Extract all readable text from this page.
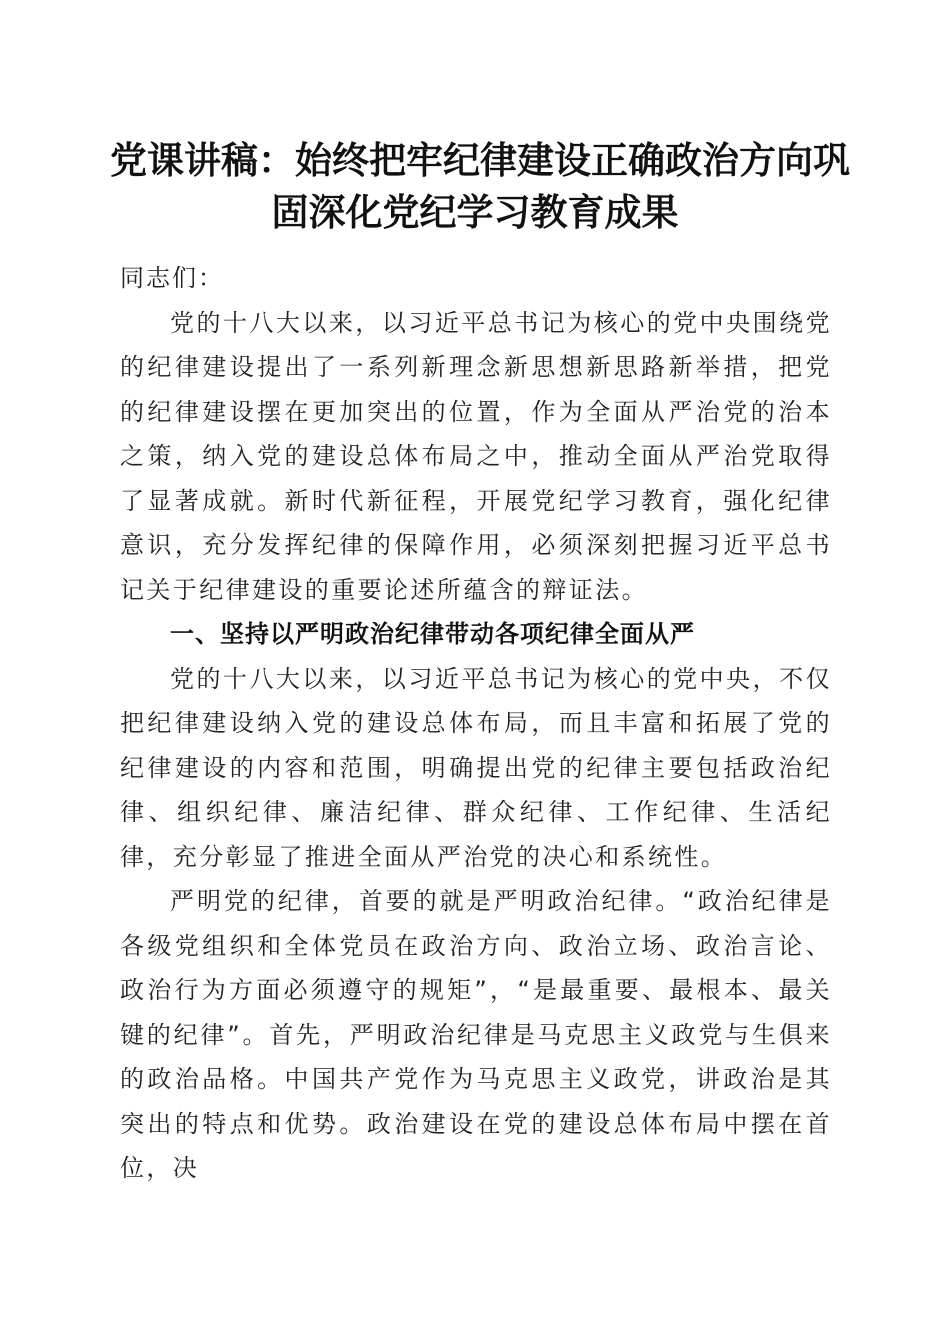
党课讲稿：始终把牢纪律建设正确政治方向巩
固深化党纪学习教育成果

同志们：

党的十八大以来，以习近平总书记为核心的党中央围绕党的纪律建设提出了一系列新理念新思想新思路新举措，把党的纪律建设摆在更加突出的位置，作为全面从严治党的治本之策，纳入党的建设总体布局之中，推动全面从严治党取得了显著成就。新时代新征程，开展党纪学习教育，强化纪律意识，充分发挥纪律的保障作用，必须深刻把握习近平总书记关于纪律建设的重要论述所蕴含的辩证法。

一、坚持以严明政治纪律带动各项纪律全面从严

党的十八大以来，以习近平总书记为核心的党中央，不仅把纪律建设纳入党的建设总体布局，而且丰富和拓展了党的纪律建设的内容和范围，明确提出党的纪律主要包括政治纪律、组织纪律、廉洁纪律、群众纪律、工作纪律、生活纪律，充分彰显了推进全面从严治党的决心和系统性。

严明党的纪律，首要的就是严明政治纪律。“政治纪律是各级党组织和全体党员在政治方向、政治立场、政治言论、政治行为方面必须遵守的规矩”，“是最重要、最根本、最关键的纪律”。首先，严明政治纪律是马克思主义政党与生俱来的政治品格。中国共产党作为马克思主义政党，讲政治是其突出的特点和优势。政治建设在党的建设总体布局中摆在首位，决
